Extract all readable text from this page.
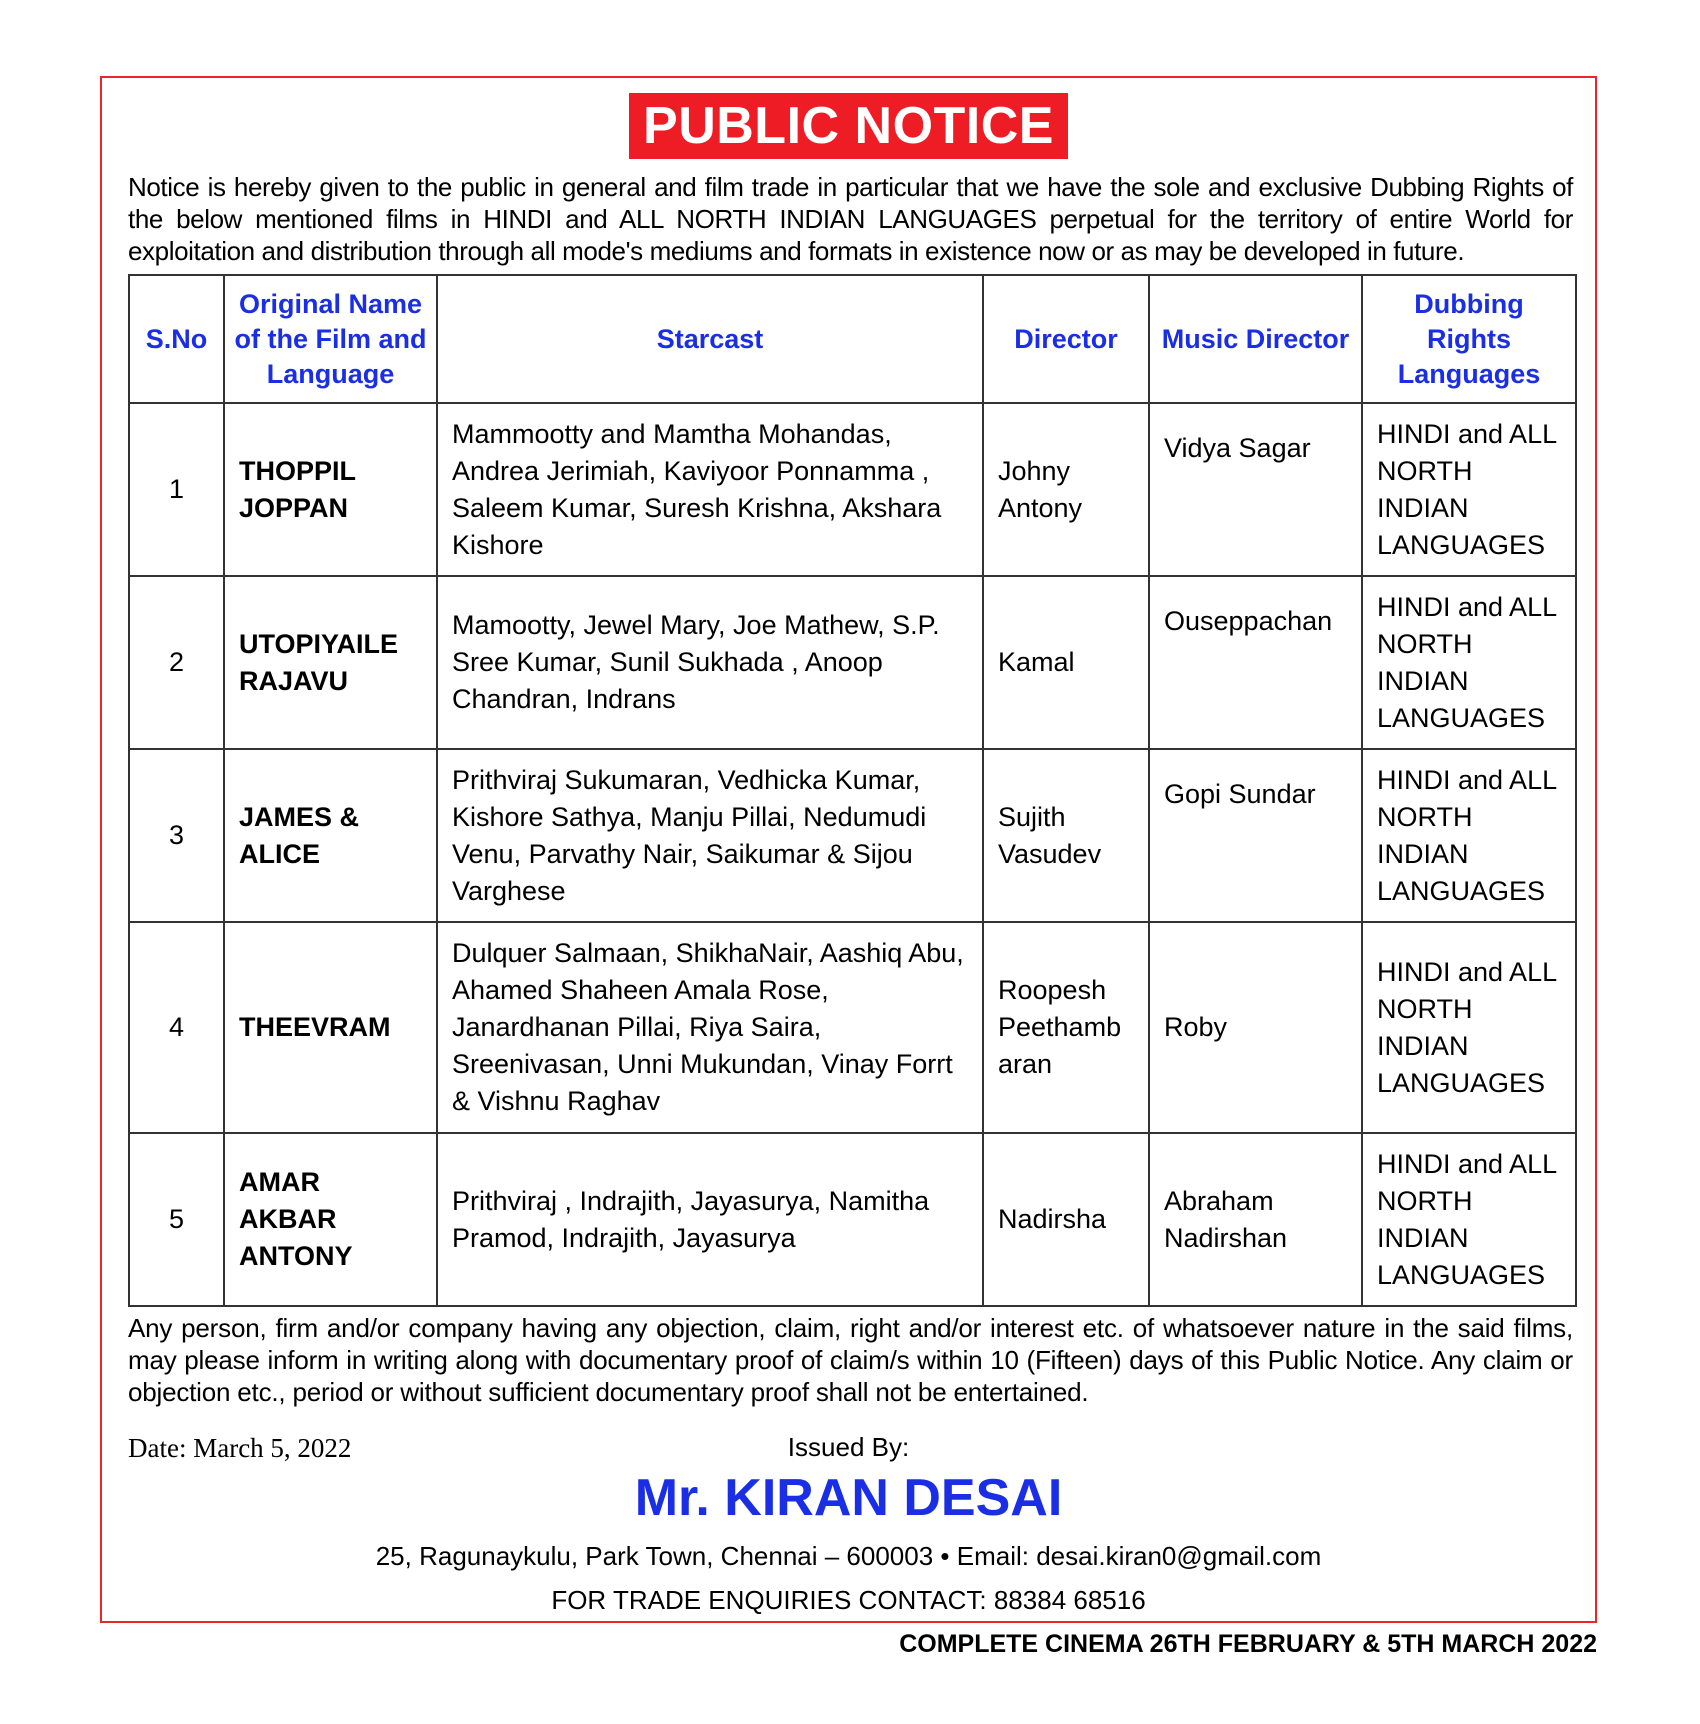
PUBLIC NOTICE
Notice is hereby given to the public in general and film trade in particular that we have the sole and exclusive Dubbing Rights of the below mentioned films in HINDI and ALL NORTH INDIAN LANGUAGES perpetual for the territory of entire World for exploitation and distribution through all mode's mediums and formats in existence now or as may be developed in future.
S.No	Original Name of the Film and Language	Starcast	Director	Music Director	Dubbing Rights Languages
1	THOPPIL JOPPAN	Mammootty and Mamtha Mohandas, Andrea Jerimiah, Kaviyoor Ponnamma , Saleem Kumar, Suresh Krishna, Akshara Kishore	Johny Antony	Vidya Sagar	HINDI and ALL NORTH INDIAN LANGUAGES
2	UTOPIYAILE RAJAVU	Mamootty, Jewel Mary, Joe Mathew, S.P. Sree Kumar, Sunil Sukhada , Anoop Chandran, Indrans	Kamal	Ouseppachan	HINDI and ALL NORTH INDIAN LANGUAGES
3	JAMES & ALICE	Prithviraj Sukumaran, Vedhicka Kumar, Kishore Sathya, Manju Pillai, Nedumudi Venu, Parvathy Nair, Saikumar & Sijou Varghese	Sujith Vasudev	Gopi Sundar	HINDI and ALL NORTH INDIAN LANGUAGES
4	THEEVRAM	Dulquer Salmaan, ShikhaNair, Aashiq Abu, Ahamed Shaheen Amala Rose, Janardhanan Pillai, Riya Saira, Sreenivasan, Unni Mukundan, Vinay Forrt & Vishnu Raghav	Roopesh Peethamb aran	Roby	HINDI and ALL NORTH INDIAN LANGUAGES
5	AMAR AKBAR ANTONY	Prithviraj , Indrajith, Jayasurya, Namitha Pramod, Indrajith, Jayasurya	Nadirsha	Abraham Nadirshan	HINDI and ALL NORTH INDIAN LANGUAGES
Any person, firm and/or company having any objection, claim, right and/or interest etc. of whatsoever nature in the said films, may please inform in writing along with documentary proof of claim/s within 10 (Fifteen) days of this Public Notice. Any claim or objection etc., period or without sufficient documentary proof shall not be entertained.
Date: March 5, 2022	Issued By:
Mr. KIRAN DESAI
25, Ragunaykulu, Park Town, Chennai – 600003 • Email: desai.kiran0@gmail.com
FOR TRADE ENQUIRIES CONTACT: 88384 68516
COMPLETE CINEMA 26TH FEBRUARY & 5TH MARCH 2022
